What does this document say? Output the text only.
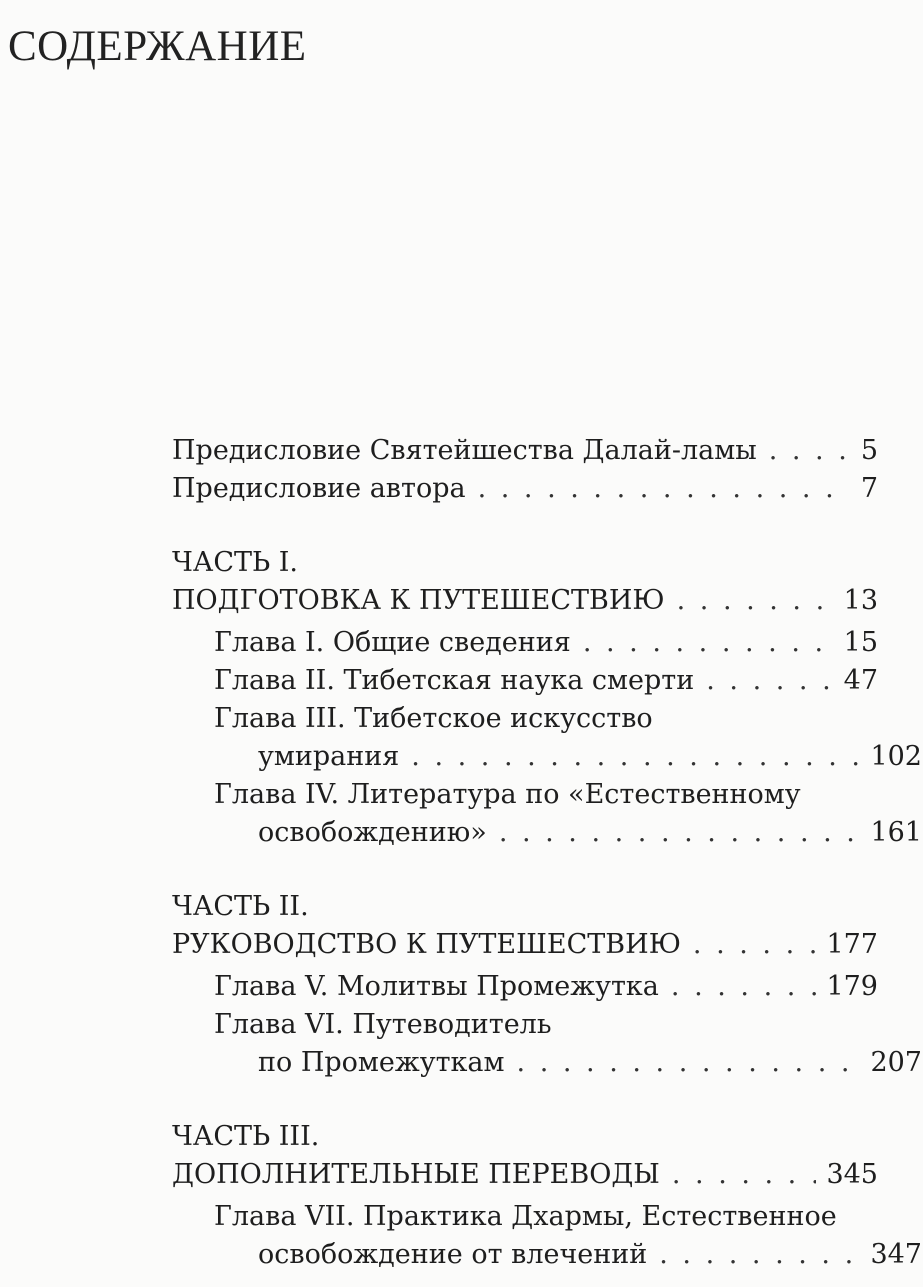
СОДЕРЖАНИЕ
Предисловие Святейшества Далай-ламы . . .	5
Предисловие автора . . .	7
ЧАСТЬ I.
ПОДГОТОВКА К ПУТЕШЕСТВИЮ . . .	13
Глава I. Общие сведения . . .	15
Глава II. Тибетская наука смерти . . .	47
Глава III. Тибетское искусство
умирания . . .	102
Глава IV. Литература по «Естественному
освобождению» . . .	161
ЧАСТЬ II.
РУКОВОДСТВО К ПУТЕШЕСТВИЮ . . .	177
Глава V. Молитвы Промежутка . . .	179
Глава VI. Путеводитель
по Промежуткам . . .	207
ЧАСТЬ III.
ДОПОЛНИТЕЛЬНЫЕ ПЕРЕВОДЫ . . .	345
Глава VII. Практика Дхармы, Естественное
освобождение от влечений . . .	347
